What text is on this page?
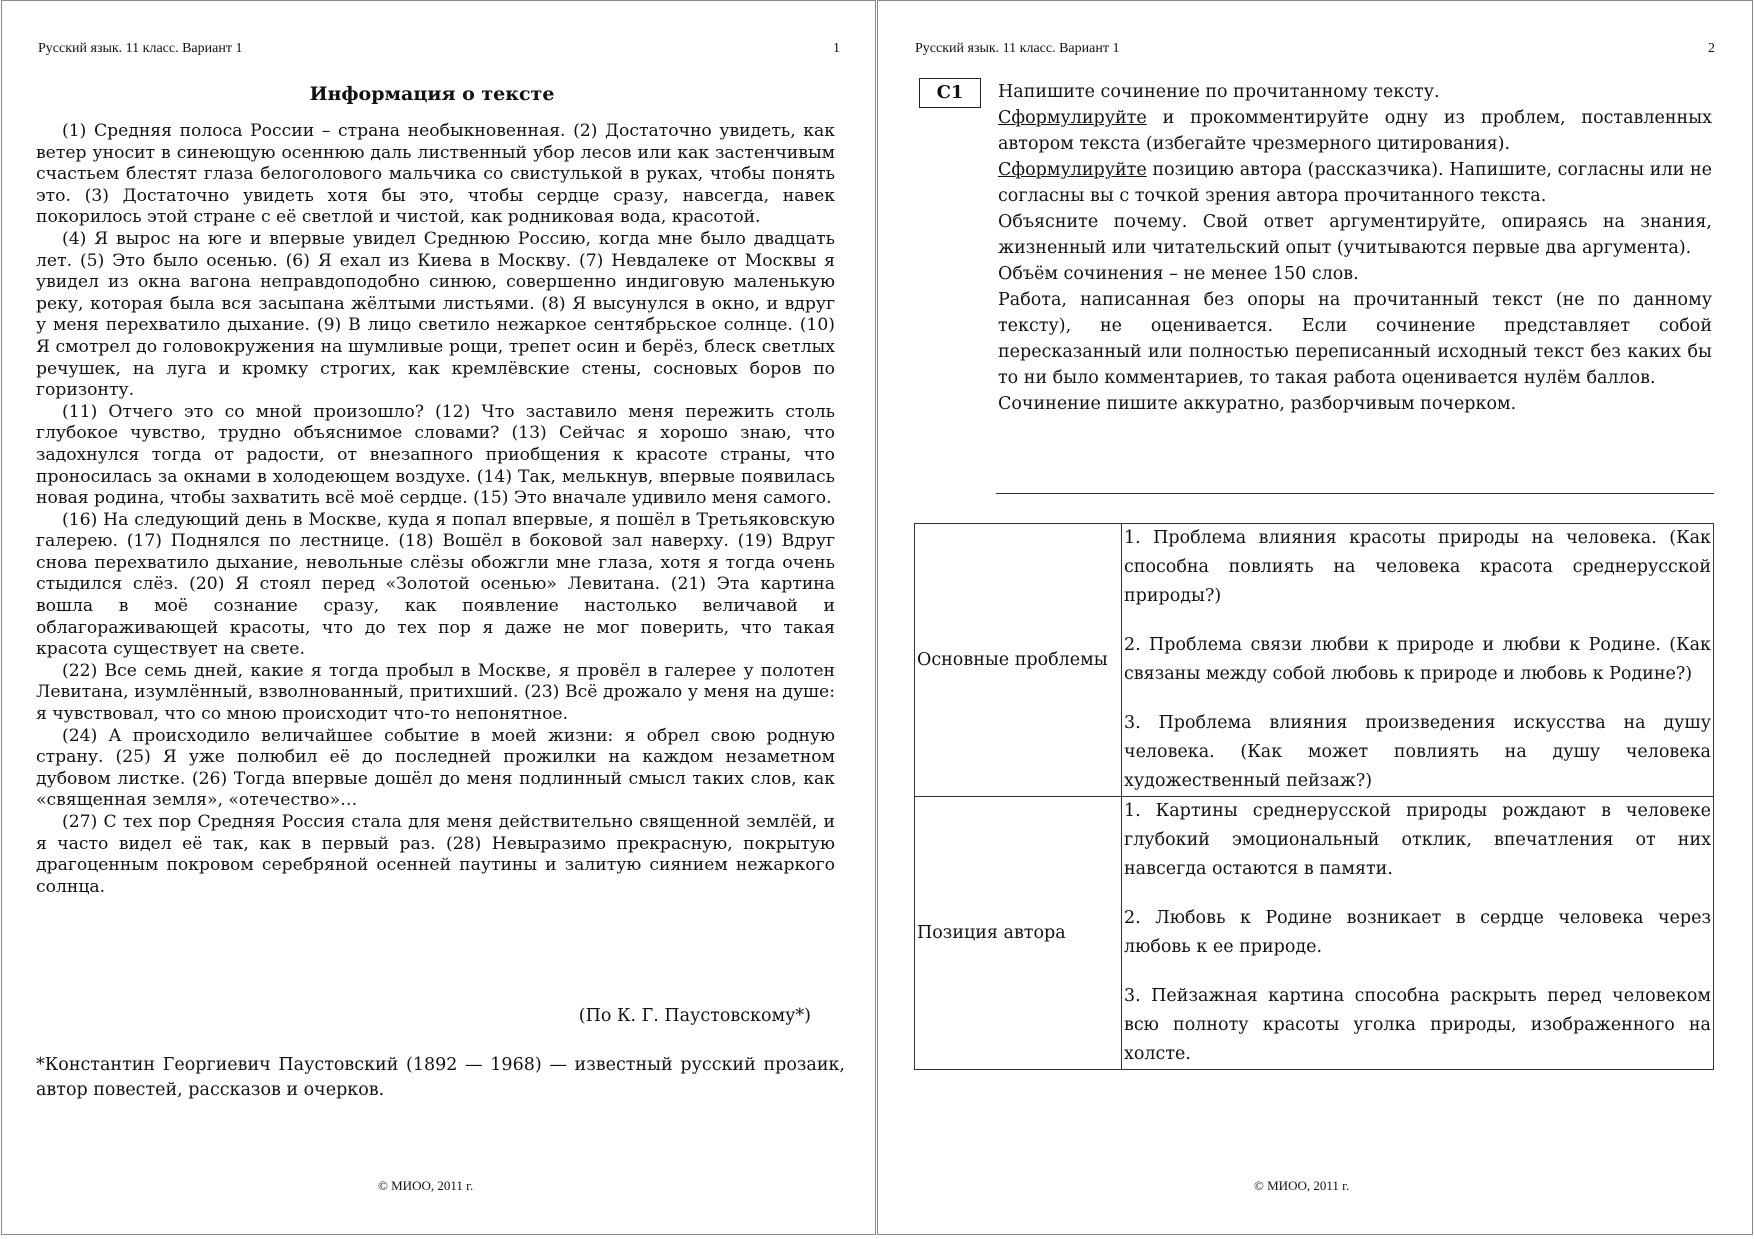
Русский язык. 11 класс. Вариант 1	1
Информация о тексте

(1) Средняя полоса России – страна необыкновенная. (2) Достаточно увидеть, как ветер уносит в синеющую осеннюю даль лиственный убор лесов или как застенчивым счастьем блестят глаза белоголового мальчика со свистулькой в руках, чтобы понять это. (3) Достаточно увидеть хотя бы это, чтобы сердце сразу, навсегда, навек покорилось этой стране с её светлой и чистой, как родниковая вода, красотой.

(4) Я вырос на юге и впервые увидел Среднюю Россию, когда мне было двадцать лет. (5) Это было осенью. (6) Я ехал из Киева в Москву. (7) Невдалеке от Москвы я увидел из окна вагона неправдоподобно синюю, совершенно индиговую маленькую реку, которая была вся засыпана жёлтыми листьями. (8) Я высунулся в окно, и вдруг у меня перехватило дыхание. (9) В лицо светило нежаркое сентябрьское солнце. (10) Я смотрел до головокружения на шумливые рощи, трепет осин и берёз, блеск светлых речушек, на луга и кромку строгих, как кремлёвские стены, сосновых боров по горизонту.

(11) Отчего это со мной произошло? (12) Что заставило меня пережить столь глубокое чувство, трудно объяснимое словами? (13) Сейчас я хорошо знаю, что задохнулся тогда от радости, от внезапного приобщения к красоте страны, что проносилась за окнами в холодеющем воздухе. (14) Так, мелькнув, впервые появилась новая родина, чтобы захватить всё моё сердце. (15) Это вначале удивило меня самого.

(16) На следующий день в Москве, куда я попал впервые, я пошёл в Третьяковскую галерею. (17) Поднялся по лестнице. (18) Вошёл в боковой зал наверху. (19) Вдруг снова перехватило дыхание, невольные слёзы обожгли мне глаза, хотя я тогда очень стыдился слёз. (20) Я стоял перед «Золотой осенью» Левитана. (21) Эта картина вошла в моё сознание сразу, как появление настолько величавой и облагораживающей красоты, что до тех пор я даже не мог поверить, что такая красота существует на свете.

(22) Все семь дней, какие я тогда пробыл в Москве, я провёл в галерее у полотен Левитана, изумлённый, взволнованный, притихший. (23) Всё дрожало у меня на душе: я чувствовал, что со мною происходит что-то непонятное.

(24) А происходило величайшее событие в моей жизни: я обрел свою родную страну. (25) Я уже полюбил её до последней прожилки на каждом незаметном дубовом листке. (26) Тогда впервые дошёл до меня подлинный смысл таких слов, как «священная земля», «отечество»…

(27) С тех пор Средняя Россия стала для меня действительно священной землёй, и я часто видел её так, как в первый раз. (28) Невыразимо прекрасную, покрытую драгоценным покровом серебряной осенней паутины и залитую сиянием нежаркого солнца.

(По К. Г. Паустовскому*)
*Константин Георгиевич Паустовский (1892 — 1968) — известный русский прозаик, автор повестей, рассказов и очерков.
© МИОО, 2011 г.
Русский язык. 11 класс. Вариант 1	2
С1	Напишите сочинение по прочитанному тексту.

Сформулируйте и прокомментируйте одну из проблем, поставленных автором текста (избегайте чрезмерного цитирования).

Сформулируйте позицию автора (рассказчика). Напишите, согласны или не согласны вы с точкой зрения автора прочитанного текста.

Объясните почему. Свой ответ аргументируйте, опираясь на знания, жизненный или читательский опыт (учитываются первые два аргумента).

Объём сочинения – не менее 150 слов.

Работа, написанная без опоры на прочитанный текст (не по данному тексту), не оценивается. Если сочинение представляет собой пересказанный или полностью переписанный исходный текст без каких бы то ни было комментариев, то такая работа оценивается нулём баллов.

Сочинение пишите аккуратно, разборчивым почерком.

Основные проблемы	1. Проблема влияния красоты природы на человека. (Как способна повлиять на человека красота среднерусской природы?)

2. Проблема связи любви к природе и любви к Родине. (Как связаны между собой любовь к природе и любовь к Родине?)

3. Проблема влияния произведения искусства на душу человека. (Как может повлиять на душу человека художественный пейзаж?)

Позиция автора	1. Картины среднерусской природы рождают в человеке глубокий эмоциональный отклик, впечатления от них навсегда остаются в памяти.

2. Любовь к Родине возникает в сердце человека через любовь к ее природе.

3. Пейзажная картина способна раскрыть перед человеком всю полноту красоты уголка природы, изображенного на холсте.

© МИОО, 2011 г.
